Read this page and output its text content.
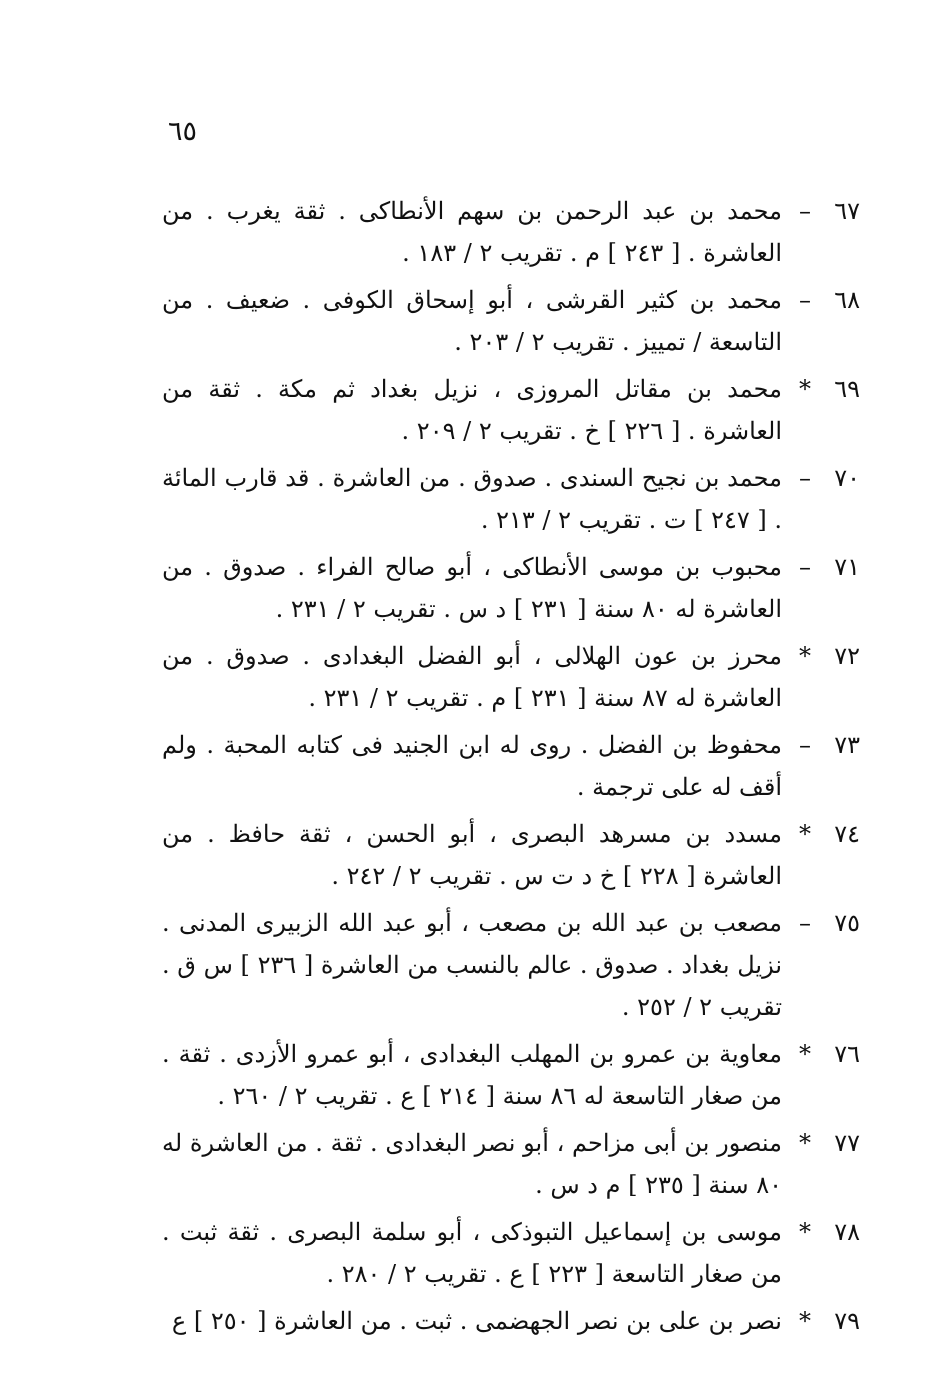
٦٥
٦٧
–
محمد بن عبد الرحمن بن سهم الأنطاكى . ثقة يغرب . من العاشرة . [ ٢٤٣ ] م . تقريب ٢ / ١٨٣ .
٦٨
–
محمد بن كثير القرشى ، أبو إسحاق الكوفى . ضعيف . من التاسعة / تمييز . تقريب ٢ / ٢٠٣ .
٦٩
*
محمد بن مقاتل المروزى ، نزيل بغداد ثم مكة . ثقة من العاشرة . [ ٢٢٦ ] خ . تقريب ٢ / ٢٠٩ .
٧٠
–
محمد بن نجيح السندى . صدوق . من العاشرة . قد قارب المائة . [ ٢٤٧ ] ت . تقريب ٢ / ٢١٣ .
٧١
–
محبوب بن موسى الأنطاكى ، أبو صالح الفراء . صدوق . من العاشرة له ٨٠ سنة [ ٢٣١ ] د س . تقريب ٢ / ٢٣١ .
٧٢
*
محرز بن عون الهلالى ، أبو الفضل البغدادى . صدوق . من العاشرة له ٨٧ سنة [ ٢٣١ ] م . تقريب ٢ / ٢٣١ .
٧٣
–
محفوظ بن الفضل . روى له ابن الجنيد فى كتابه المحبة . ولم أقف له على ترجمة .
٧٤
*
مسدد بن مسرهد البصرى ، أبو الحسن ، ثقة حافظ . من العاشرة [ ٢٢٨ ] خ د ت س . تقريب ٢ / ٢٤٢ .
٧٥
–
مصعب بن عبد الله بن مصعب ، أبو عبد الله الزبيرى المدنى . نزيل بغداد . صدوق . عالم بالنسب من العاشرة [ ٢٣٦ ] س ق . تقريب ٢ / ٢٥٢ .
٧٦
*
معاوية بن عمرو بن المهلب البغدادى ، أبو عمرو الأزدى . ثقة . من صغار التاسعة له ٨٦ سنة [ ٢١٤ ] ع . تقريب ٢ / ٢٦٠ .
٧٧
*
منصور بن أبى مزاحم ، أبو نصر البغدادى . ثقة . من العاشرة له ٨٠ سنة [ ٢٣٥ ] م د س .
٧٨
*
موسى بن إسماعيل التبوذكى ، أبو سلمة البصرى . ثقة ثبت . من صغار التاسعة [ ٢٢٣ ] ع . تقريب ٢ / ٢٨٠ .
٧٩
*
نصر بن على بن نصر الجهضمى . ثبت . من العاشرة [ ٢٥٠ ] ع
